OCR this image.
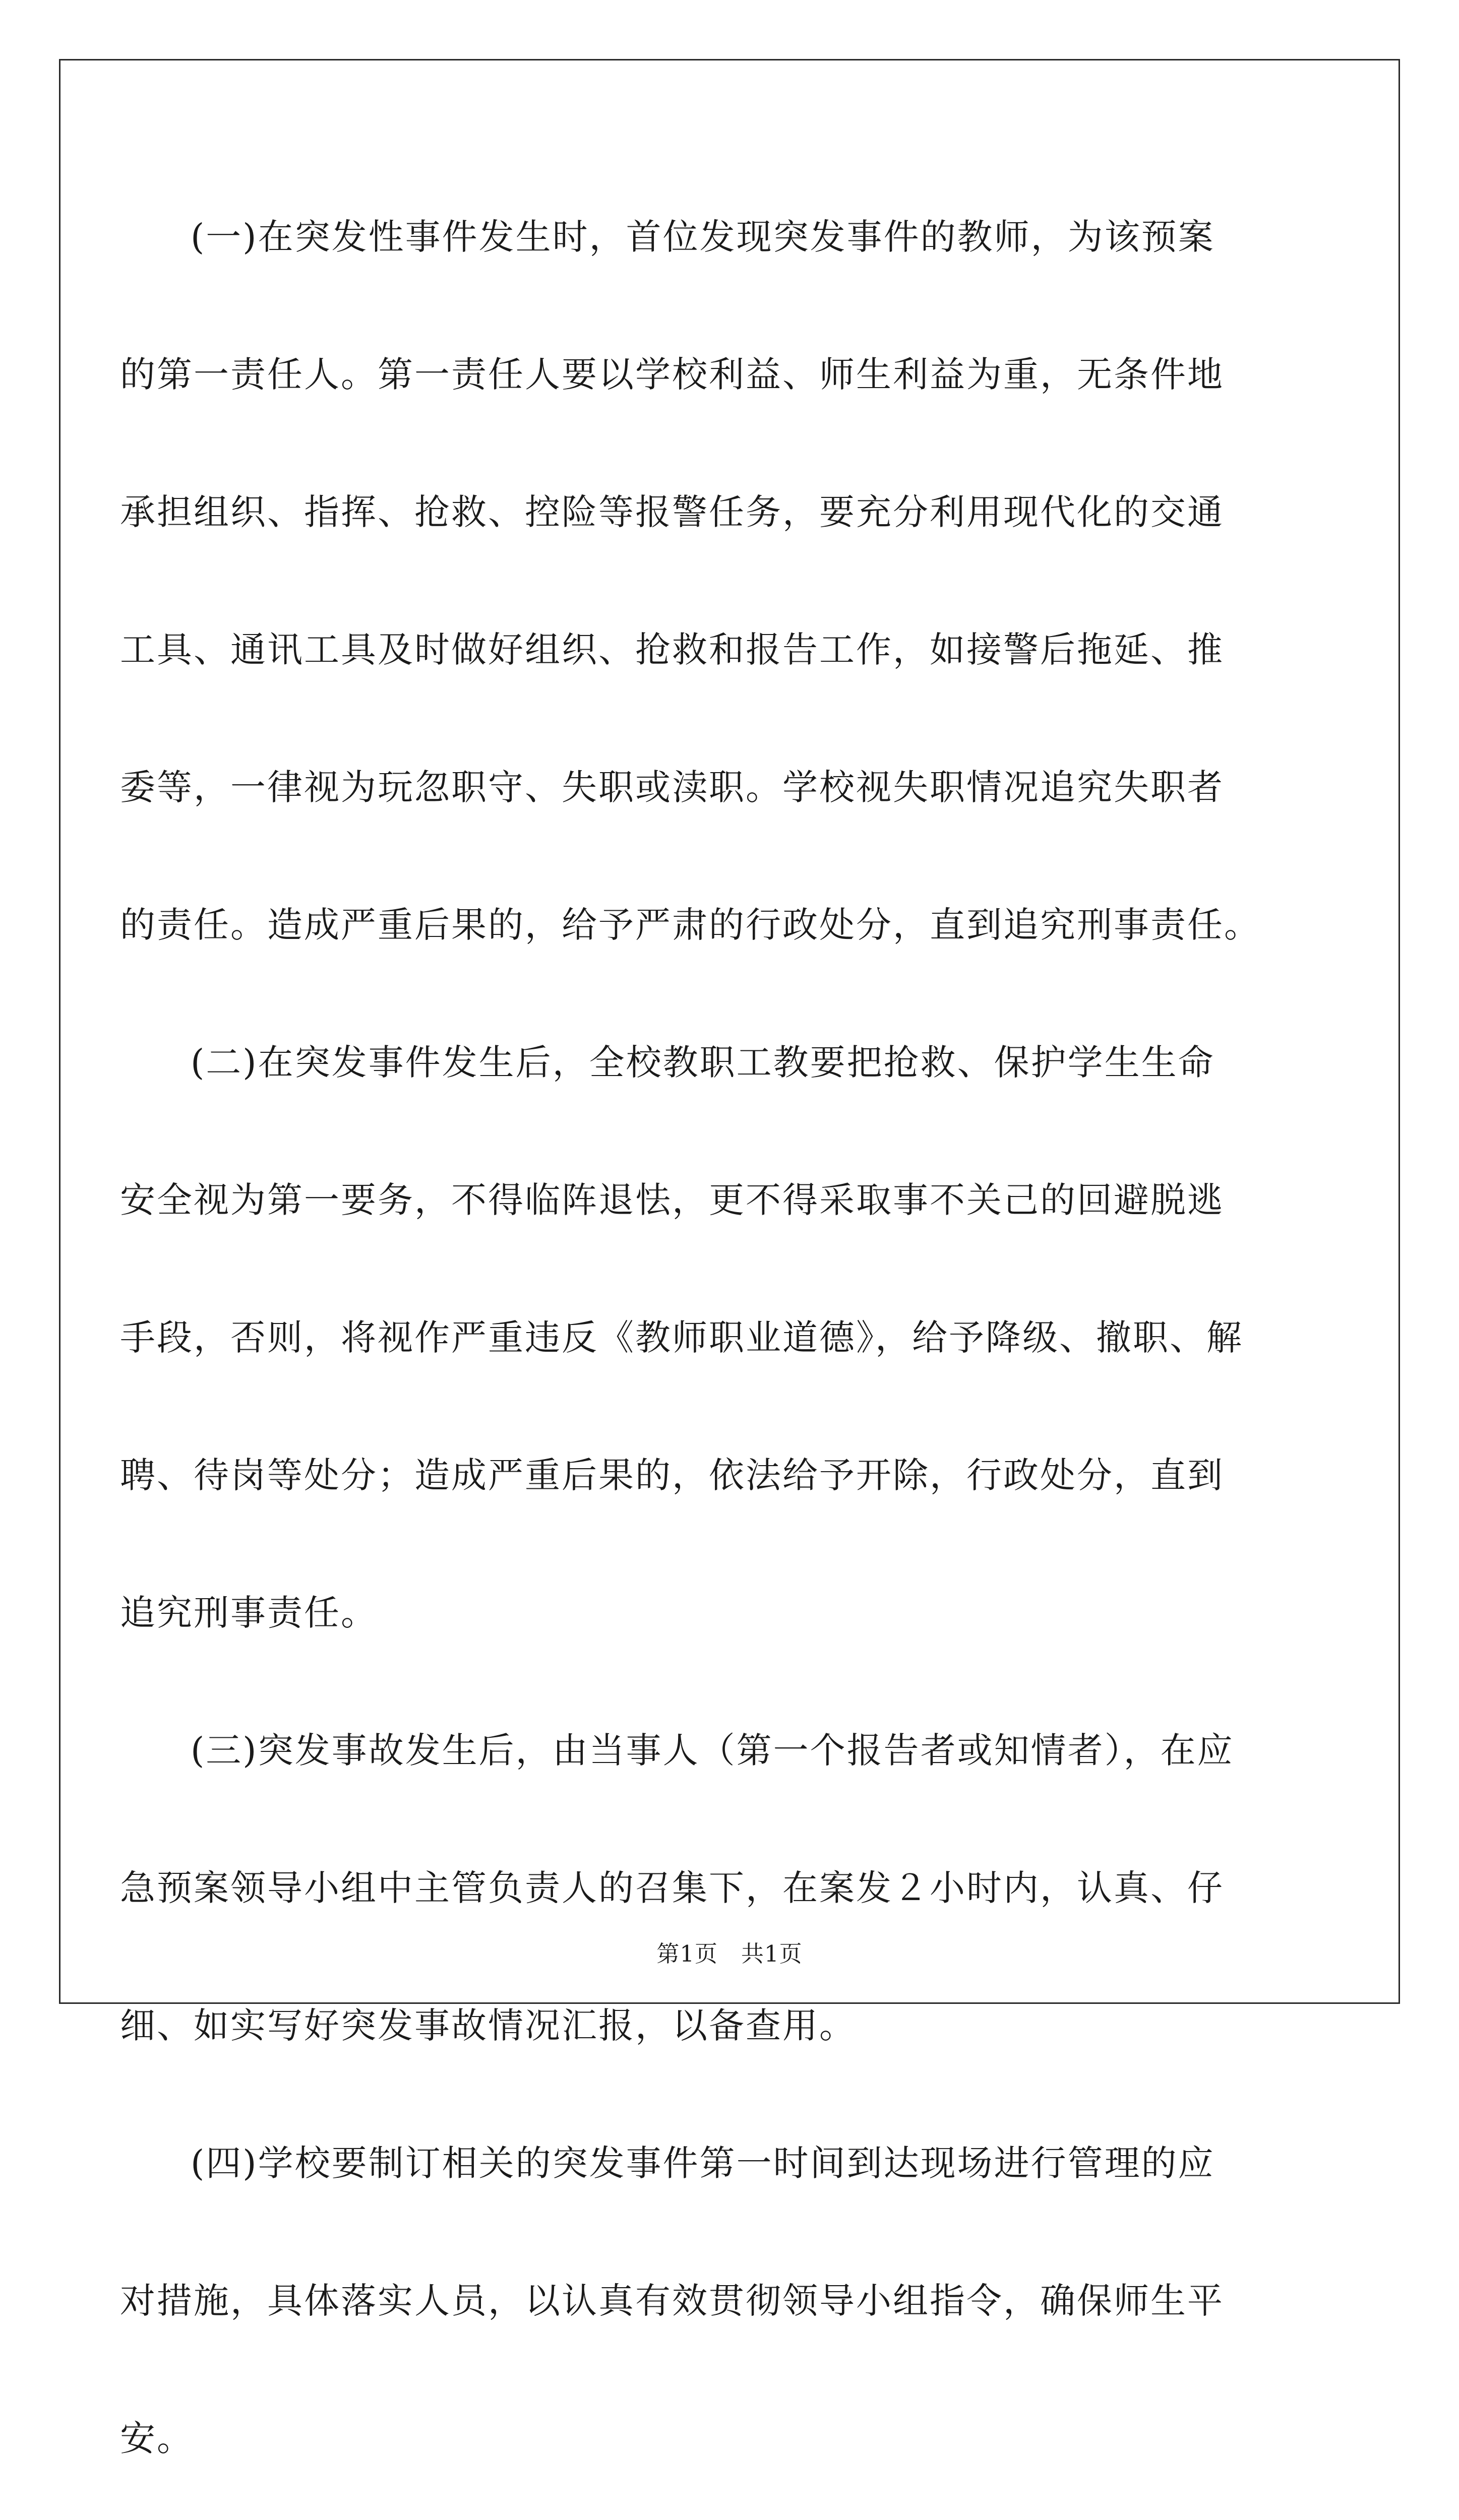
(一)在突发性事件发生时，首位发现突发事件的教师，为该预案
的第一责任人。第一责任人要以学校利益、师生利益为重，无条件地
承担组织、指挥、抢救、控险等报警任务，要充分利用现代化的交通
工具、通讯工具及时做好组织、抢救和报告工作，如接警后拖延、推
委等，一律视为玩忽职守、失职或渎职。学校视失职情况追究失职者
的责任。造成严重后果的，给予严肃的行政处分，直到追究刑事责任。
(二)在突发事件发生后，全校教职工教要把抢救、保护学生生命
安全视为第一要务，不得临阵退怯，更不得采取事不关己的回避脱逃
手段，否则，将视作严重违反《教师职业道德》，给予降级、撤职、解
聘、待岗等处分；造成严重后果的，依法给予开除，行政处分，直到
追究刑事责任。
(三)突发事故发生后，由当事人（第一个报告者或知情者），在应
急预案领导小组中主管负责人的召集下，在案发２小时内，认真、仔
细、如实写好突发事故情况汇报，以备查用。
(四)学校要制订相关的突发事件第一时间到达现场进行管理的应
对措施，具体落实人员，以认真有效贯彻领导小组指令，确保师生平
安。
第1页　共1页
